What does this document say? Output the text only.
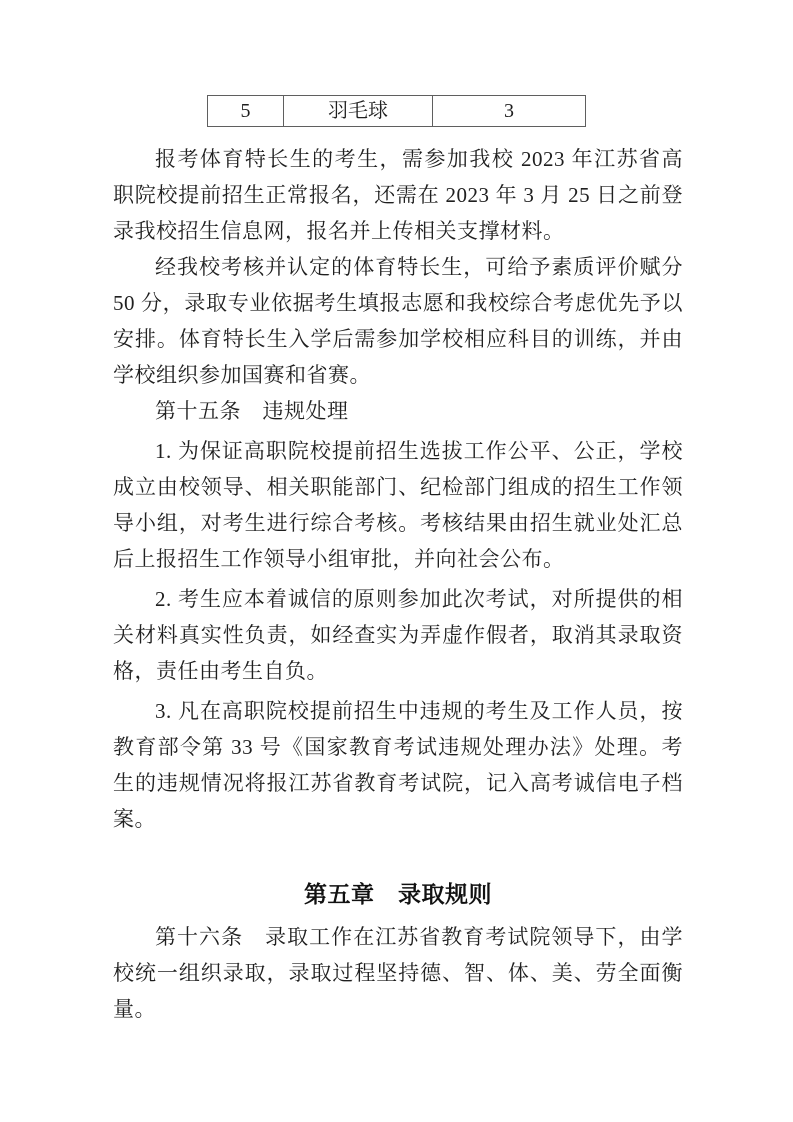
5	羽毛球	3

报考体育特长生的考生，需参加我校 2023 年江苏省高职院校提前招生正常报名，还需在 2023 年 3 月 25 日之前登录我校招生信息网，报名并上传相关支撑材料。

经我校考核并认定的体育特长生，可给予素质评价赋分 50 分，录取专业依据考生填报志愿和我校综合考虑优先予以安排。体育特长生入学后需参加学校相应科目的训练，并由学校组织参加国赛和省赛。

第十五条　违规处理

1. 为保证高职院校提前招生选拔工作公平、公正，学校成立由校领导、相关职能部门、纪检部门组成的招生工作领导小组，对考生进行综合考核。考核结果由招生就业处汇总后上报招生工作领导小组审批，并向社会公布。

2. 考生应本着诚信的原则参加此次考试，对所提供的相关材料真实性负责，如经查实为弄虚作假者，取消其录取资格，责任由考生自负。

3. 凡在高职院校提前招生中违规的考生及工作人员，按教育部令第 33 号《国家教育考试违规处理办法》处理。考生的违规情况将报江苏省教育考试院，记入高考诚信电子档案。

第五章　录取规则

第十六条　录取工作在江苏省教育考试院领导下，由学校统一组织录取，录取过程坚持德、智、体、美、劳全面衡量。
